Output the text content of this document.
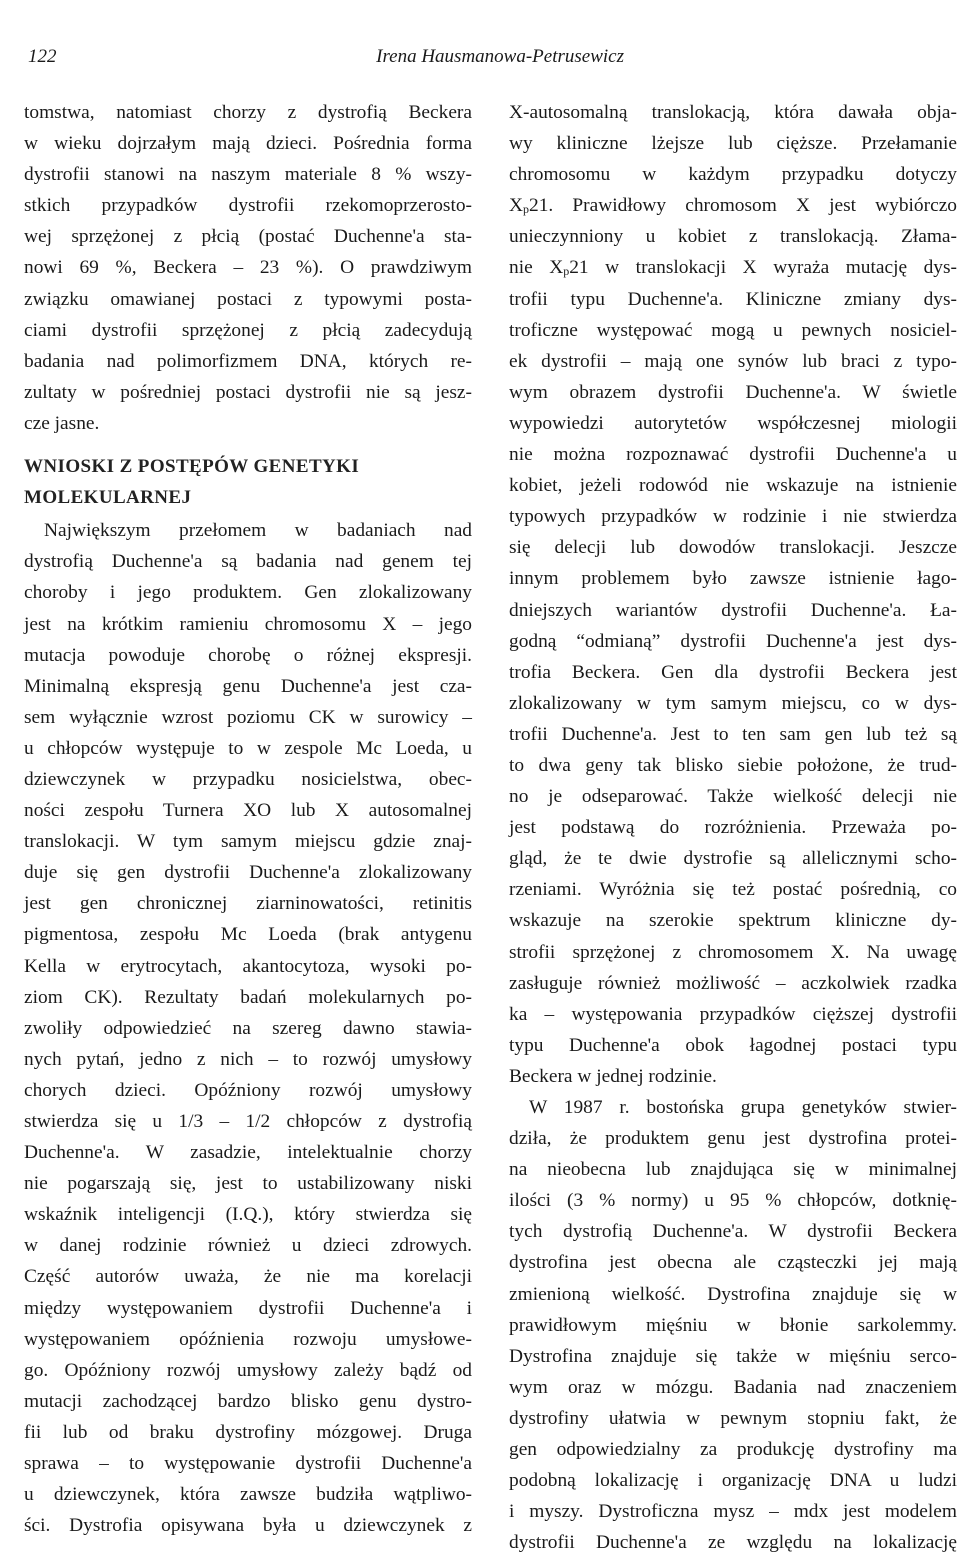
122	Irena Hausmanowa-Petrusewicz

tomstwa, natomiast chorzy z dystrofią Beckera

w wieku dojrzałym mają dzieci. Pośrednia forma

dystrofii stanowi na naszym materiale 8 % wszy-

stkich przypadków dystrofii rzekomoprzerosto-

wej sprzężonej z płcią (postać Duchenne'a sta-

nowi 69 %, Beckera – 23 %). O prawdziwym

związku omawianej postaci z typowymi posta-

ciami dystrofii sprzężonej z płcią zadecydują

badania nad polimorfizmem DNA, których re-

zultaty w pośredniej postaci dystrofii nie są jesz-

cze jasne.

WNIOSKI Z POSTĘPÓW GENETYKI
MOLEKULARNEJ

Największym przełomem w badaniach nad

dystrofią Duchenne'a są badania nad genem tej

choroby i jego produktem. Gen zlokalizowany

jest na krótkim ramieniu chromosomu X – jego

mutacja powoduje chorobę o różnej ekspresji.

Minimalną ekspresją genu Duchenne'a jest cza-

sem wyłącznie wzrost poziomu CK w surowicy –

u chłopców występuje to w zespole Mc Loeda, u

dziewczynek w przypadku nosicielstwa, obec-

ności zespołu Turnera XO lub X autosomalnej

translokacji. W tym samym miejscu gdzie znaj-

duje się gen dystrofii Duchenne'a zlokalizowany

jest gen chronicznej ziarninowatości, retinitis

pigmentosa, zespołu Mc Loeda (brak antygenu

Kella w erytrocytach, akantocytoza, wysoki po-

ziom CK). Rezultaty badań molekularnych po-

zwoliły odpowiedzieć na szereg dawno stawia-

nych pytań, jedno z nich – to rozwój umysłowy

chorych dzieci. Opóźniony rozwój umysłowy

stwierdza się u 1/3 – 1/2 chłopców z dystrofią

Duchenne'a. W zasadzie, intelektualnie chorzy

nie pogarszają się, jest to ustabilizowany niski

wskaźnik inteligencji (I.Q.), który stwierdza się

w danej rodzinie również u dzieci zdrowych.

Część autorów uważa, że nie ma korelacji

między występowaniem dystrofii Duchenne'a i

występowaniem opóźnienia rozwoju umysłowe-

go. Opóźniony rozwój umysłowy zależy bądź od

mutacji zachodzącej bardzo blisko genu dystro-

fii lub od braku dystrofiny mózgowej. Druga

sprawa – to występowanie dystrofii Duchenne'a

u dziewczynek, która zawsze budziła wątpliwo-

ści. Dystrofia opisywana była u dziewczynek z

X-autosomalną translokacją, która dawała obja-

wy kliniczne lżejsze lub cięższe. Przełamanie

chromosomu w każdym przypadku dotyczy

$X_p21$. Prawidłowy chromosom X jest wybiórczo

unieczynniony u kobiet z translokacją. Złama-

nie $X_p21$ w translokacji X wyraża mutację dys-

trofii typu Duchenne'a. Kliniczne zmiany dys-

troficzne występować mogą u pewnych nosiciel-

ek dystrofii – mają one synów lub braci z typo-

wym obrazem dystrofii Duchenne'a. W świetle

wypowiedzi autorytetów współczesnej miologii

nie można rozpoznawać dystrofii Duchenne'a u

kobiet, jeżeli rodowód nie wskazuje na istnienie

typowych przypadków w rodzinie i nie stwierdza

się delecji lub dowodów translokacji. Jeszcze

innym problemem było zawsze istnienie łago-

dniejszych wariantów dystrofii Duchenne'a. Ła-

godną “odmianą” dystrofii Duchenne'a jest dys-

trofia Beckera. Gen dla dystrofii Beckera jest

zlokalizowany w tym samym miejscu, co w dys-

trofii Duchenne'a. Jest to ten sam gen lub też są

to dwa geny tak blisko siebie położone, że trud-

no je odseparować. Także wielkość delecji nie

jest podstawą do rozróżnienia. Przeważa po-

gląd, że te dwie dystrofie są allelicznymi scho-

rzeniami. Wyróżnia się też postać pośrednią, co

wskazuje na szerokie spektrum kliniczne dy-

strofii sprzężonej z chromosomem X. Na uwagę

zasługuje również możliwość – aczkolwiek rzadka

ka – występowania przypadków cięższej dystrofii

typu Duchenne'a obok łagodnej postaci typu

Beckera w jednej rodzinie.

W 1987 r. bostońska grupa genetyków stwier-

dziła, że produktem genu jest dystrofina protei-

na nieobecna lub znajdująca się w minimalnej

ilości (3 % normy) u 95 % chłopców, dotknię-

tych dystrofią Duchenne'a. W dystrofii Beckera

dystrofina jest obecna ale cząsteczki jej mają

zmienioną wielkość. Dystrofina znajduje się w

prawidłowym mięśniu w błonie sarkolemmy.

Dystrofina znajduje się także w mięśniu serco-

wym oraz w mózgu. Badania nad znaczeniem

dystrofiny ułatwia w pewnym stopniu fakt, że

gen odpowiedzialny za produkcję dystrofiny ma

podobną lokalizację i organizację DNA u ludzi

i myszy. Dystroficzna mysz – mdx jest modelem

dystrofii Duchenne'a ze względu na lokalizację
